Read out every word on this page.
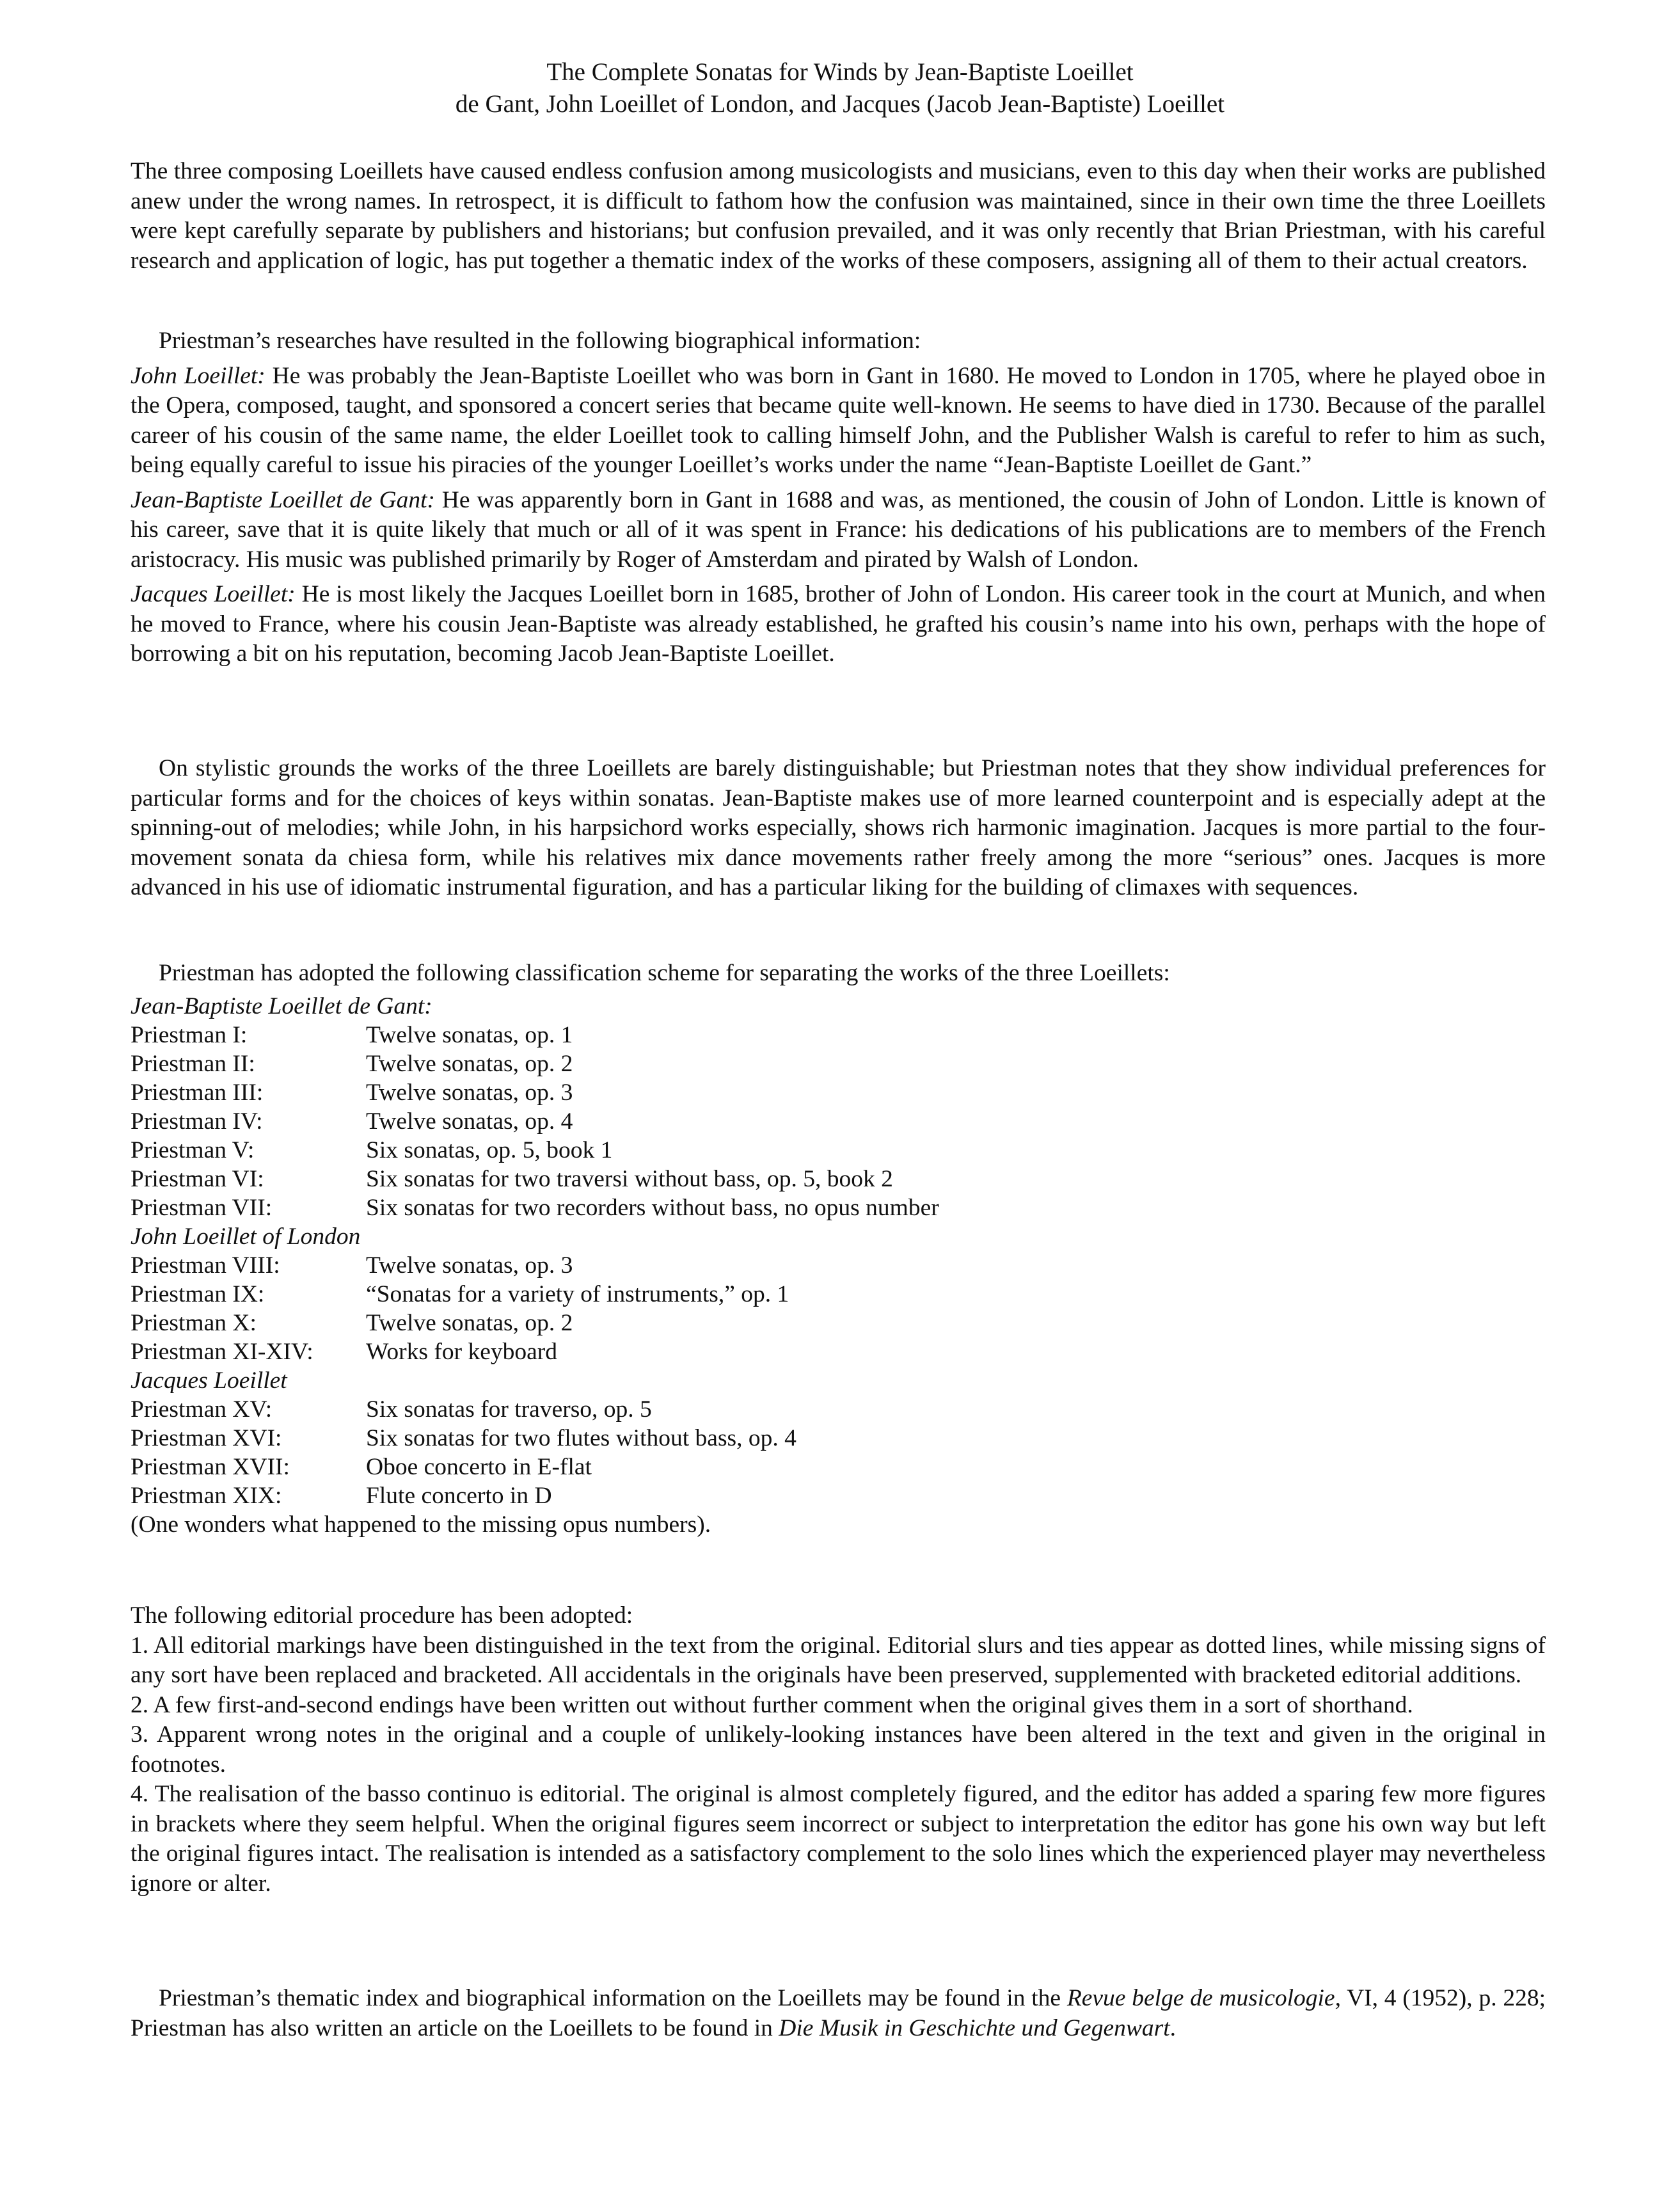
The Complete Sonatas for Winds by Jean-Baptiste Loeillet
de Gant, John Loeillet of London, and Jacques (Jacob Jean-Baptiste) Loeillet

The three composing Loeillets have caused endless confusion among musicologists and musicians, even to this day when their works are published anew under the wrong names. In retrospect, it is difficult to fathom how the confusion was maintained, since in their own time the three Loeillets were kept carefully separate by publishers and historians; but confusion prevailed, and it was only recently that Brian Priestman, with his careful research and application of logic, has put together a thematic index of the works of these composers, assigning all of them to their actual creators.

Priestman’s researches have resulted in the following biographical information:

John Loeillet: He was probably the Jean-Baptiste Loeillet who was born in Gant in 1680. He moved to London in 1705, where he played oboe in the Opera, composed, taught, and sponsored a concert series that became quite well-known. He seems to have died in 1730. Because of the parallel career of his cousin of the same name, the elder Loeillet took to calling himself John, and the Publisher Walsh is careful to refer to him as such, being equally careful to issue his piracies of the younger Loeillet’s works under the name “Jean-Baptiste Loeillet de Gant.”

Jean-Baptiste Loeillet de Gant: He was apparently born in Gant in 1688 and was, as mentioned, the cousin of John of London. Little is known of his career, save that it is quite likely that much or all of it was spent in France: his dedications of his publications are to members of the French aristocracy. His music was published primarily by Roger of Amsterdam and pirated by Walsh of London.

Jacques Loeillet: He is most likely the Jacques Loeillet born in 1685, brother of John of London. His career took in the court at Munich, and when he moved to France, where his cousin Jean-Baptiste was already established, he grafted his cousin’s name into his own, perhaps with the hope of borrowing a bit on his reputation, becoming Jacob Jean-Baptiste Loeillet.

On stylistic grounds the works of the three Loeillets are barely distinguishable; but Priestman notes that they show individual preferences for particular forms and for the choices of keys within sonatas. Jean-Baptiste makes use of more learned counterpoint and is especially adept at the spinning-out of melodies; while John, in his harpsichord works especially, shows rich harmonic imagination. Jacques is more partial to the four-movement sonata da chiesa form, while his relatives mix dance movements rather freely among the more “serious” ones. Jacques is more advanced in his use of idiomatic instrumental figuration, and has a particular liking for the building of climaxes with sequences.

Priestman has adopted the following classification scheme for separating the works of the three Loeillets:

Jean-Baptiste Loeillet de Gant:
Priestman I:	Twelve sonatas, op. 1
Priestman II:	Twelve sonatas, op. 2
Priestman III:	Twelve sonatas, op. 3
Priestman IV:	Twelve sonatas, op. 4
Priestman V:	Six sonatas, op. 5, book 1
Priestman VI:	Six sonatas for two traversi without bass, op. 5, book 2
Priestman VII:	Six sonatas for two recorders without bass, no opus number
John Loeillet of London
Priestman VIII:	Twelve sonatas, op. 3
Priestman IX:	“Sonatas for a variety of instruments,” op. 1
Priestman X:	Twelve sonatas, op. 2
Priestman XI-XIV:	Works for keyboard
Jacques Loeillet
Priestman XV:	Six sonatas for traverso, op. 5
Priestman XVI:	Six sonatas for two flutes without bass, op. 4
Priestman XVII:	Oboe concerto in E-flat
Priestman XIX:	Flute concerto in D
(One wonders what happened to the missing opus numbers).

The following editorial procedure has been adopted:

1. All editorial markings have been distinguished in the text from the original. Editorial slurs and ties appear as dotted lines, while missing signs of any sort have been replaced and bracketed. All accidentals in the originals have been preserved, supplemented with bracketed editorial additions.

2. A few first-and-second endings have been written out without further comment when the original gives them in a sort of shorthand.

3. Apparent wrong notes in the original and a couple of unlikely-looking instances have been altered in the text and given in the original in footnotes.

4. The realisation of the basso continuo is editorial. The original is almost completely figured, and the editor has added a sparing few more figures in brackets where they seem helpful. When the original figures seem incorrect or subject to interpretation the editor has gone his own way but left the original figures intact. The realisation is intended as a satisfactory complement to the solo lines which the experienced player may nevertheless ignore or alter.

Priestman’s thematic index and biographical information on the Loeillets may be found in the Revue belge de musicologie, VI, 4 (1952), p. 228; Priestman has also written an article on the Loeillets to be found in Die Musik in Geschichte und Gegenwart.
